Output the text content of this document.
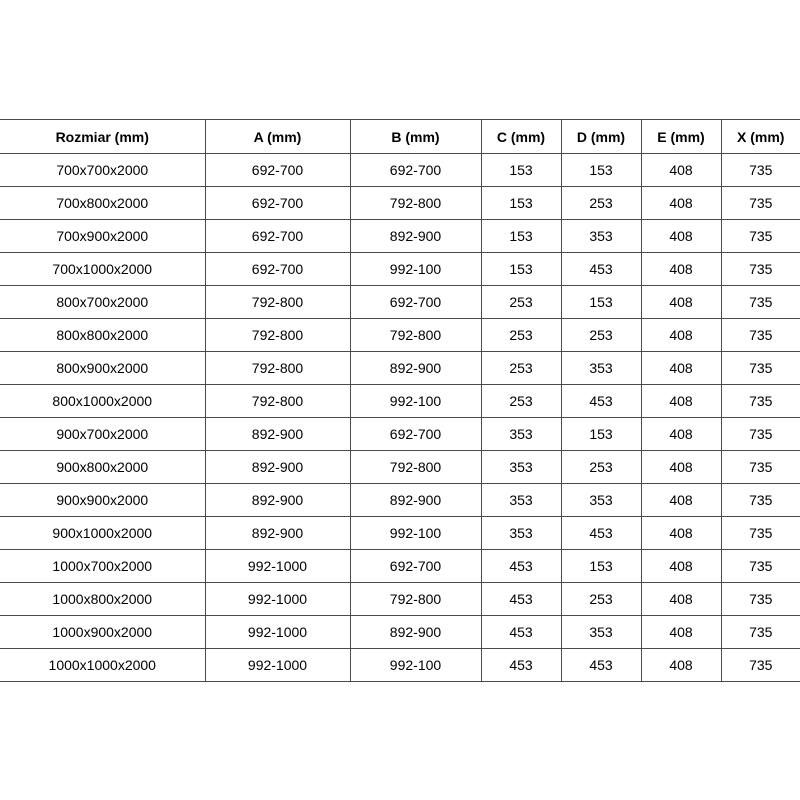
Rozmiar (mm)	A (mm)	B (mm)	C (mm)	D (mm)	E (mm)	X (mm)
700x700x2000	692-700	692-700	153	153	408	735
700x800x2000	692-700	792-800	153	253	408	735
700x900x2000	692-700	892-900	153	353	408	735
700x1000x2000	692-700	992-100	153	453	408	735
800x700x2000	792-800	692-700	253	153	408	735
800x800x2000	792-800	792-800	253	253	408	735
800x900x2000	792-800	892-900	253	353	408	735
800x1000x2000	792-800	992-100	253	453	408	735
900x700x2000	892-900	692-700	353	153	408	735
900x800x2000	892-900	792-800	353	253	408	735
900x900x2000	892-900	892-900	353	353	408	735
900x1000x2000	892-900	992-100	353	453	408	735
1000x700x2000	992-1000	692-700	453	153	408	735
1000x800x2000	992-1000	792-800	453	253	408	735
1000x900x2000	992-1000	892-900	453	353	408	735
1000x1000x2000	992-1000	992-100	453	453	408	735
